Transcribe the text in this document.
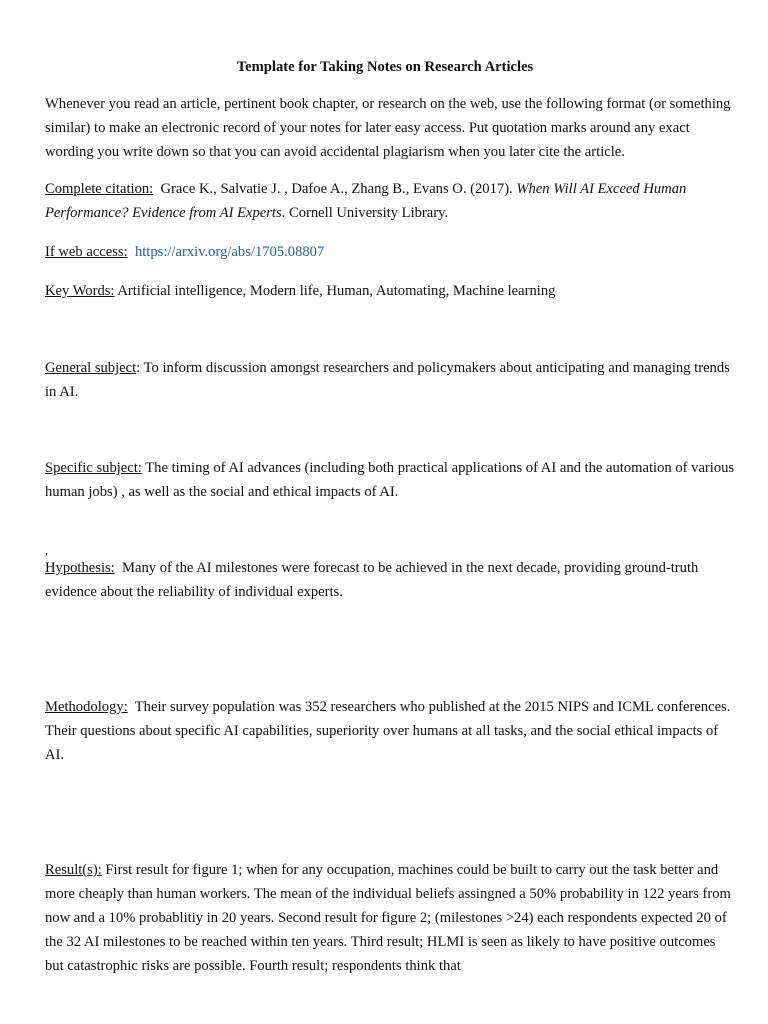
Template for Taking Notes on Research Articles

Whenever you read an article, pertinent book chapter, or research on the web, use the following format (or something similar) to make an electronic record of your notes for later easy access. Put quotation marks around any exact wording you write down so that you can avoid accidental plagiarism when you later cite the article.

Complete citation: Grace K., Salvatie J. , Dafoe A., Zhang B., Evans O. (2017). When Will AI Exceed Human Performance? Evidence from AI Experts. Cornell University Library.

If web access: https://arxiv.org/abs/1705.08807

Key Words: Artificial intelligence, Modern life, Human, Automating, Machine learning

General subject: To inform discussion amongst researchers and policymakers about anticipating and managing trends in AI.

Specific subject: The timing of AI advances (including both practical applications of AI and the automation of various human jobs) , as well as the social and ethical impacts of AI.

,

Hypothesis: Many of the AI milestones were forecast to be achieved in the next decade, providing ground-truth evidence about the reliability of individual experts.

Methodology: Their survey population was 352 researchers who published at the 2015 NIPS and ICML conferences. Their questions about specific AI capabilities, superiority over humans at all tasks, and the social ethical impacts of AI.

Result(s): First result for figure 1; when for any occupation, machines could be built to carry out the task better and more cheaply than human workers. The mean of the individual beliefs assingned a 50% probability in 122 years from now and a 10% probablitiy in 20 years. Second result for figure 2; (milestones >24) each respondents expected 20 of the 32 AI milestones to be reached within ten years. Third result; HLMI is seen as likely to have positive outcomes but catastrophic risks are possible. Fourth result; respondents think that
